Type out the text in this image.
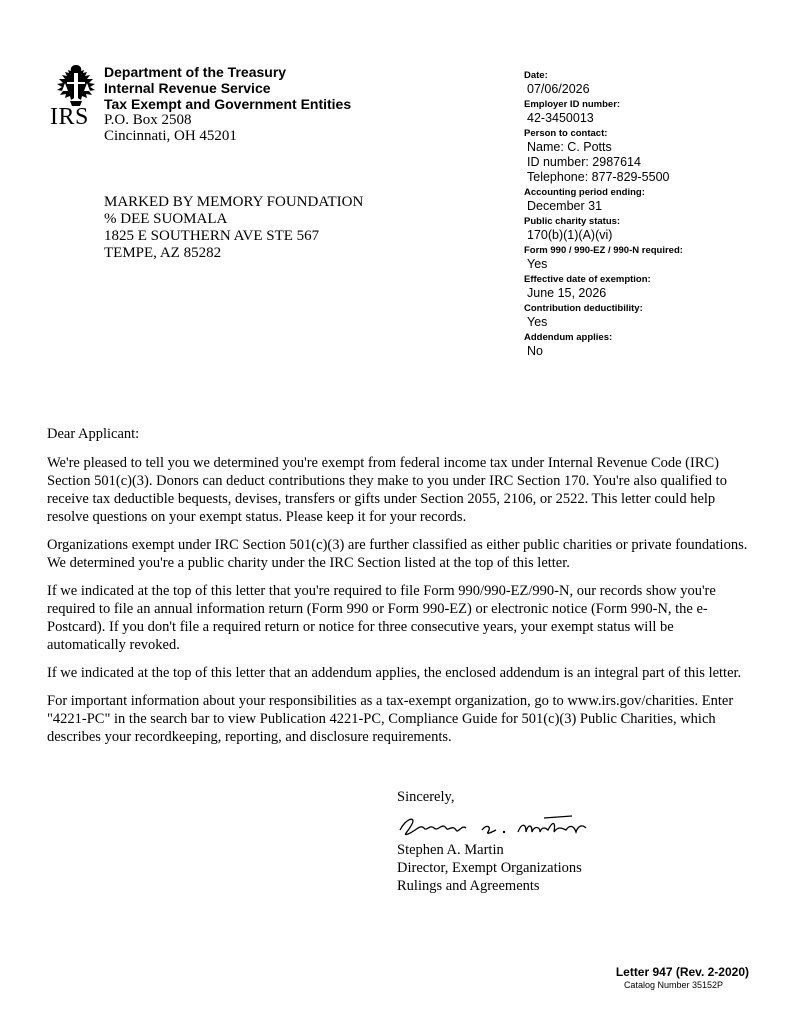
IRS
Department of the Treasury
Internal Revenue Service
Tax Exempt and Government Entities
P.O. Box 2508
Cincinnati, OH 45201
MARKED BY MEMORY FOUNDATION
% DEE SUOMALA
1825 E SOUTHERN AVE STE 567
TEMPE, AZ 85282
Date:
07/06/2026
Employer ID number:
42-3450013
Person to contact:
Name: C. Potts
ID number: 2987614
Telephone: 877-829-5500
Accounting period ending:
December 31
Public charity status:
170(b)(1)(A)(vi)
Form 990 / 990-EZ / 990-N required:
Yes
Effective date of exemption:
June 15, 2026
Contribution deductibility:
Yes
Addendum applies:
No
Dear Applicant:

We're pleased to tell you we determined you're exempt from federal income tax under Internal Revenue Code (IRC) Section 501(c)(3). Donors can deduct contributions they make to you under IRC Section 170. You're also qualified to receive tax deductible bequests, devises, transfers or gifts under Section 2055, 2106, or 2522. This letter could help resolve questions on your exempt status. Please keep it for your records.

Organizations exempt under IRC Section 501(c)(3) are further classified as either public charities or private foundations. We determined you're a public charity under the IRC Section listed at the top of this letter.

If we indicated at the top of this letter that you're required to file Form 990/990-EZ/990-N, our records show you're required to file an annual information return (Form 990 or Form 990-EZ) or electronic notice (Form 990-N, the e-Postcard). If you don't file a required return or notice for three consecutive years, your exempt status will be automatically revoked.

If we indicated at the top of this letter that an addendum applies, the enclosed addendum is an integral part of this letter.

For important information about your responsibilities as a tax-exempt organization, go to www.irs.gov/charities. Enter "4221-PC" in the search bar to view Publication 4221-PC, Compliance Guide for 501(c)(3) Public Charities, which describes your recordkeeping, reporting, and disclosure requirements.

Sincerely,
Stephen A. Martin
Director, Exempt Organizations
Rulings and Agreements
Letter 947 (Rev. 2-2020)
Catalog Number 35152P
